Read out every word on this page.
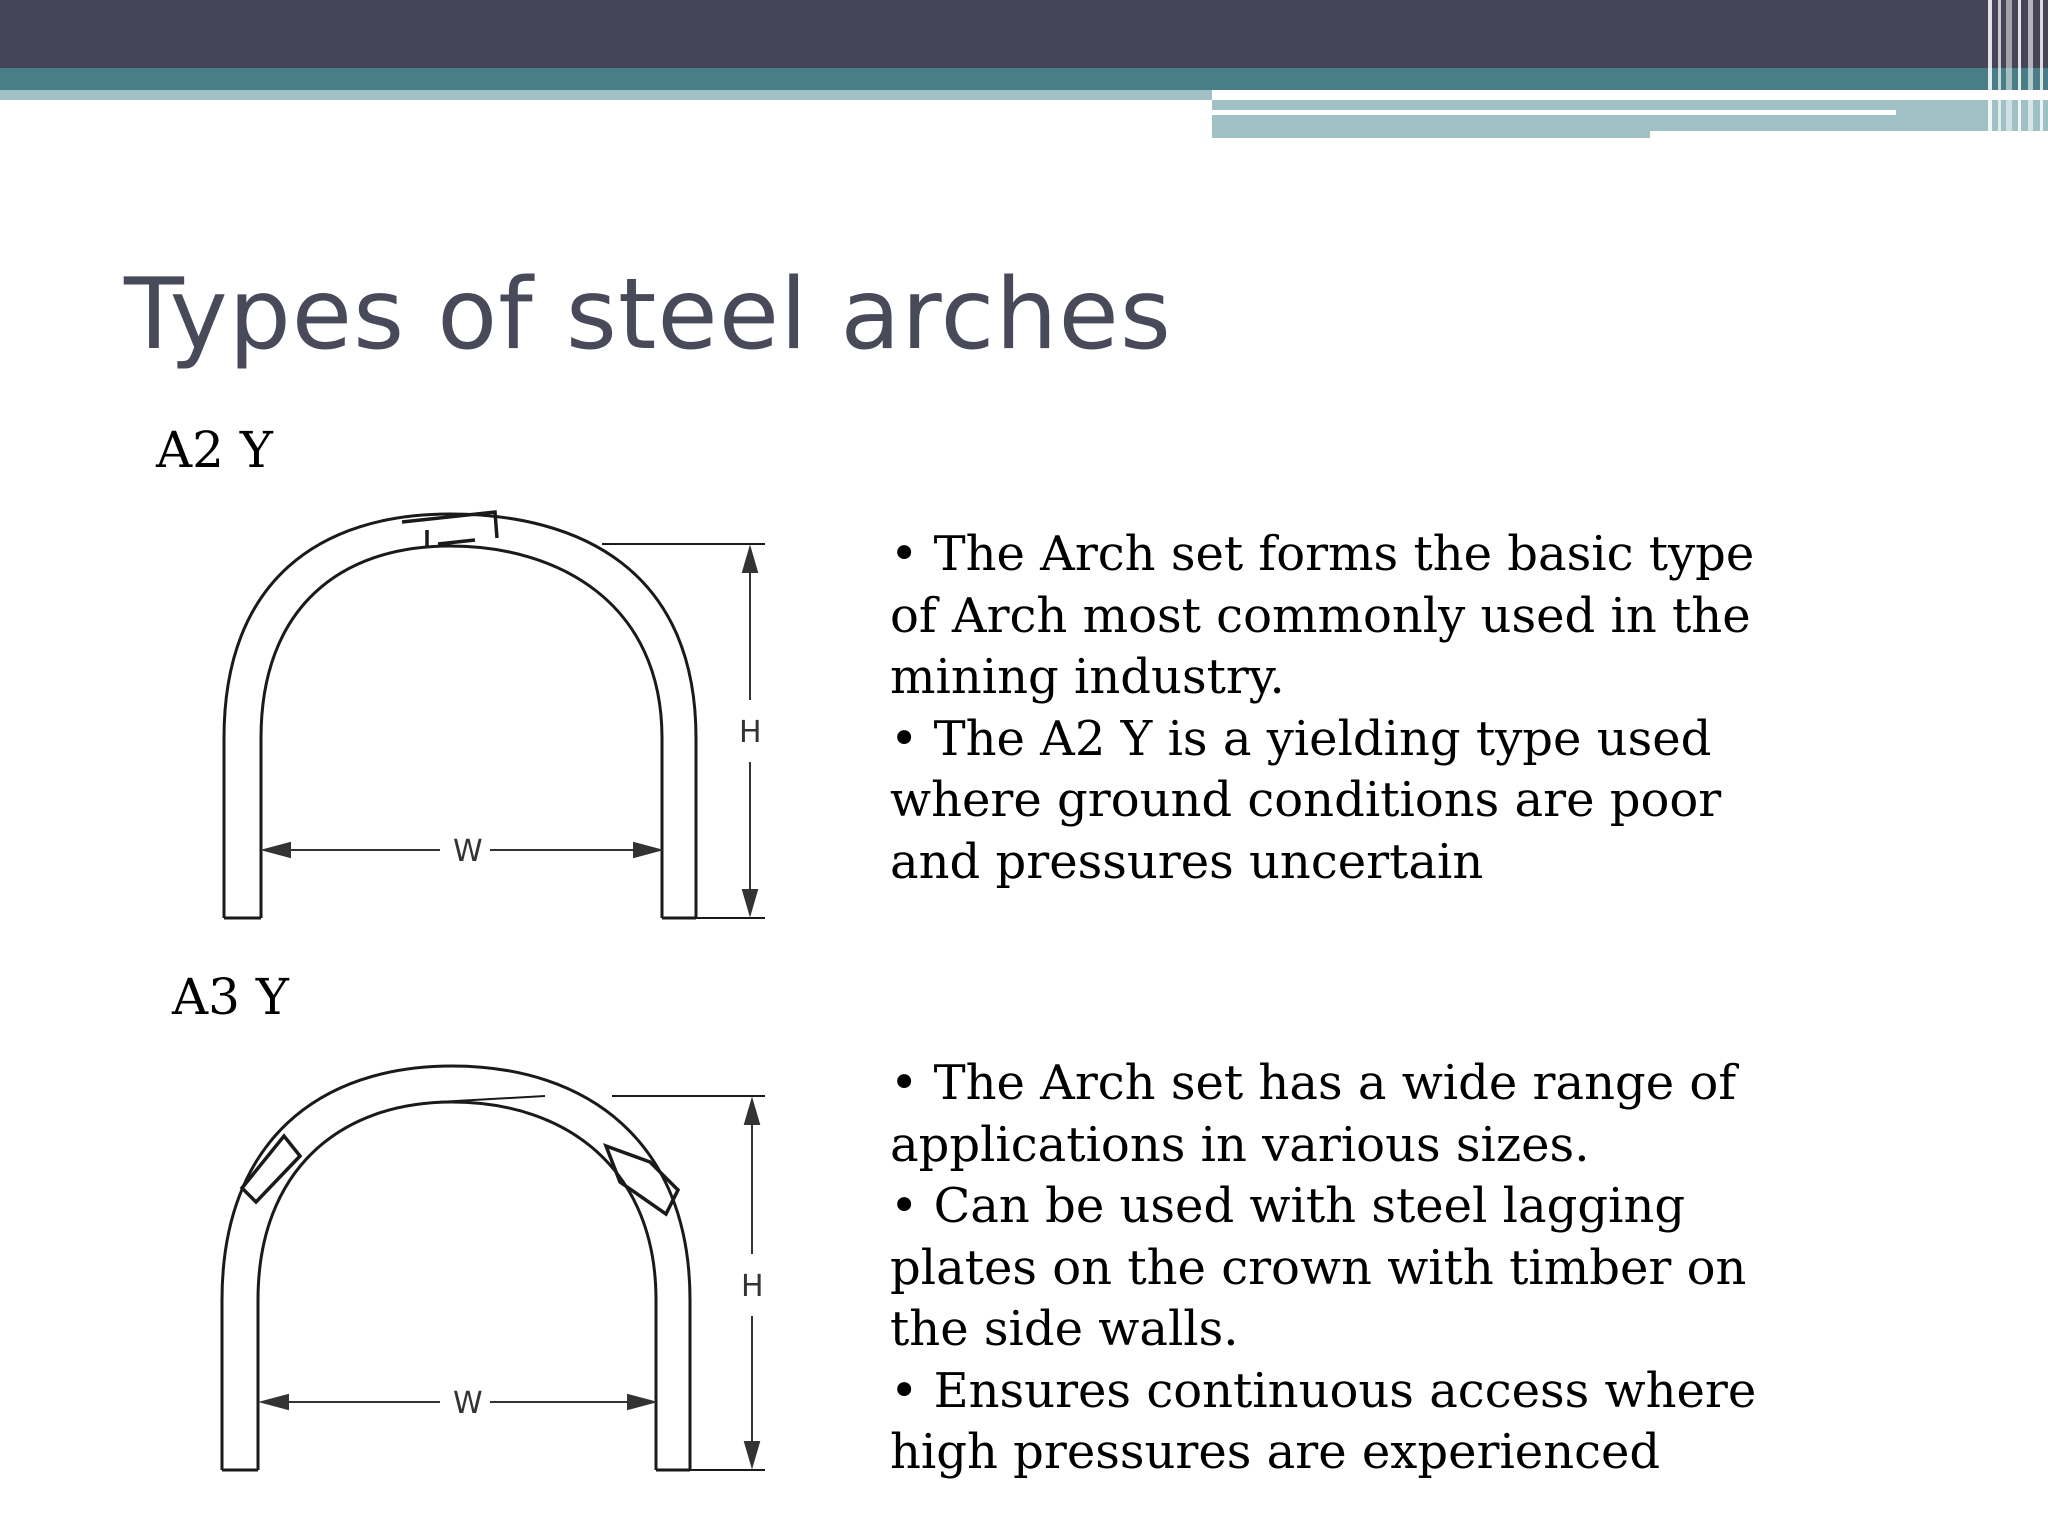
Types of steel arches
A2 Y
H
W
• The Arch set forms the basic type of Arch most commonly used in the mining industry.
• The A2 Y is a yielding type used where ground conditions are poor and pressures uncertain
A3 Y
H
W
• The Arch set has a wide range of applications in various sizes.
• Can be used with steel lagging plates on the crown with timber on the side walls.
• Ensures continuous access where high pressures are experienced
